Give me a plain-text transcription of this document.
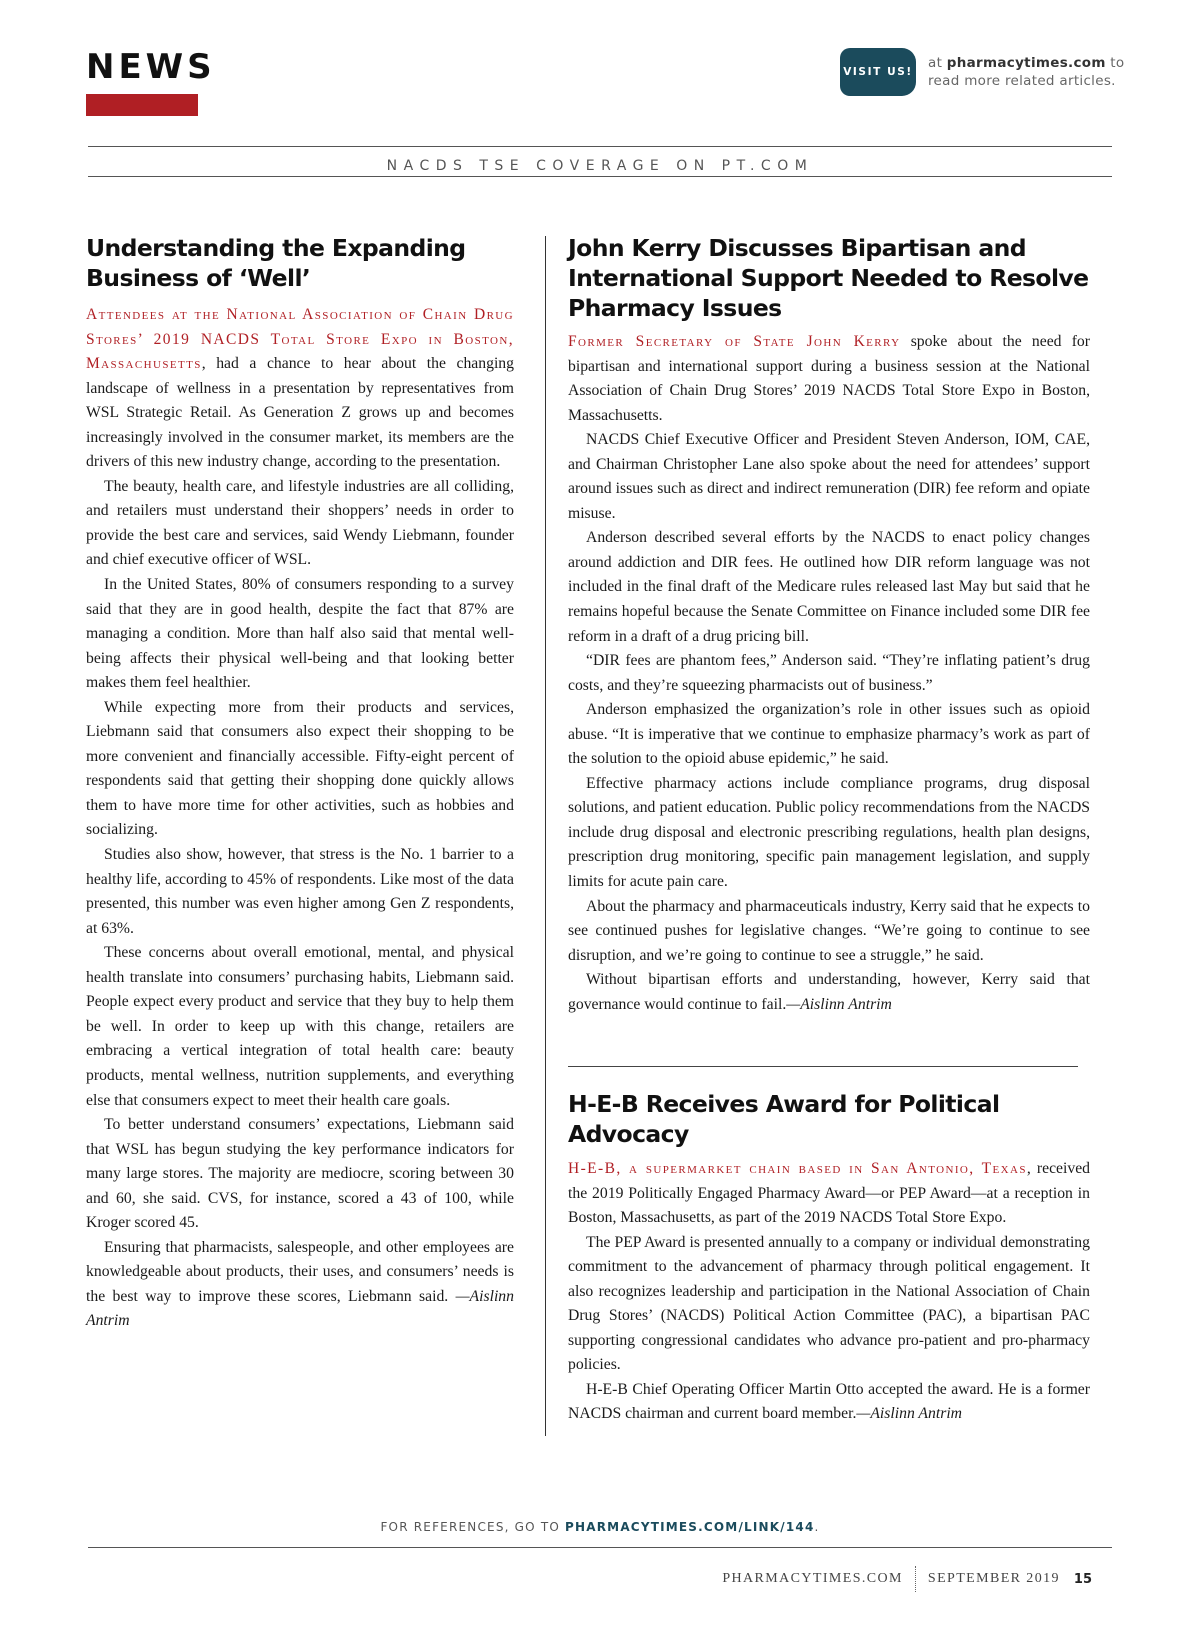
NEWS	VISIT US!
at pharmacytimes.com to
read more related articles.
NACDS TSE COVERAGE ON PT.COM
Understanding the Expanding Business of ‘Well’

Attendees at the National Association of Chain Drug Stores’ 2019 NACDS Total Store Expo in Boston, Massachusetts, had a chance to hear about the changing landscape of wellness in a presentation by representatives from WSL Strategic Retail. As Generation Z grows up and becomes increasingly involved in the consumer market, its members are the drivers of this new industry change, according to the presentation.

The beauty, health care, and lifestyle industries are all colliding, and retailers must understand their shoppers’ needs in order to provide the best care and services, said Wendy Liebmann, founder and chief executive officer of WSL.

In the United States, 80% of consumers responding to a survey said that they are in good health, despite the fact that 87% are managing a condition. More than half also said that mental well-being affects their physical well-being and that looking better makes them feel healthier.

While expecting more from their products and services, Liebmann said that consumers also expect their shopping to be more convenient and financially accessible. Fifty-eight percent of respondents said that getting their shopping done quickly allows them to have more time for other activities, such as hobbies and socializing.

Studies also show, however, that stress is the No. 1 barrier to a healthy life, according to 45% of respondents. Like most of the data presented, this number was even higher among Gen Z respondents, at 63%.

These concerns about overall emotional, mental, and physical health translate into consumers’ purchasing habits, Liebmann said. People expect every product and service that they buy to help them be well. In order to keep up with this change, retailers are embracing a vertical integration of total health care: beauty products, mental wellness, nutrition supplements, and everything else that consumers expect to meet their health care goals.

To better understand consumers’ expectations, Liebmann said that WSL has begun studying the key performance indicators for many large stores. The majority are mediocre, scoring between 30 and 60, she said. CVS, for instance, scored a 43 of 100, while Kroger scored 45.

Ensuring that pharmacists, salespeople, and other employees are knowledgeable about products, their uses, and consumers’ needs is the best way to improve these scores, Liebmann said. —Aislinn Antrim

John Kerry Discusses Bipartisan and International Support Needed to Resolve Pharmacy Issues

Former Secretary of State John Kerry spoke about the need for bipartisan and international support during a business session at the National Association of Chain Drug Stores’ 2019 NACDS Total Store Expo in Boston, Massachusetts.

NACDS Chief Executive Officer and President Steven Anderson, IOM, CAE, and Chairman Christopher Lane also spoke about the need for attendees’ support around issues such as direct and indirect remuneration (DIR) fee reform and opiate misuse.

Anderson described several efforts by the NACDS to enact policy changes around addiction and DIR fees. He outlined how DIR reform language was not included in the final draft of the Medicare rules released last May but said that he remains hopeful because the Senate Committee on Finance included some DIR fee reform in a draft of a drug pricing bill.

“DIR fees are phantom fees,” Anderson said. “They’re inflating patient’s drug costs, and they’re squeezing pharmacists out of business.”

Anderson emphasized the organization’s role in other issues such as opioid abuse. “It is imperative that we continue to emphasize pharmacy’s work as part of the solution to the opioid abuse epidemic,” he said.

Effective pharmacy actions include compliance programs, drug disposal solutions, and patient education. Public policy recommendations from the NACDS include drug disposal and electronic prescribing regulations, health plan designs, prescription drug monitoring, specific pain management legislation, and supply limits for acute pain care.

About the pharmacy and pharmaceuticals industry, Kerry said that he expects to see continued pushes for legislative changes. “We’re going to continue to see disruption, and we’re going to continue to see a struggle,” he said.

Without bipartisan efforts and understanding, however, Kerry said that governance would continue to fail.—Aislinn Antrim

H-E-B Receives Award for Political Advocacy

H-E-B, a supermarket chain based in San Antonio, Texas, received the 2019 Politically Engaged Pharmacy Award—or PEP Award—at a reception in Boston, Massachusetts, as part of the 2019 NACDS Total Store Expo.

The PEP Award is presented annually to a company or individual demonstrating commitment to the advancement of pharmacy through political engagement. It also recognizes leadership and participation in the National Association of Chain Drug Stores’ (NACDS) Political Action Committee (PAC), a bipartisan PAC supporting congressional candidates who advance pro-patient and pro-pharmacy policies.

H-E-B Chief Operating Officer Martin Otto accepted the award. He is a former NACDS chairman and current board member.—Aislinn Antrim

FOR REFERENCES, GO TO PHARMACYTIMES.COM/LINK/144.
PHARMACYTIMES.COM SEPTEMBER 2019 15
